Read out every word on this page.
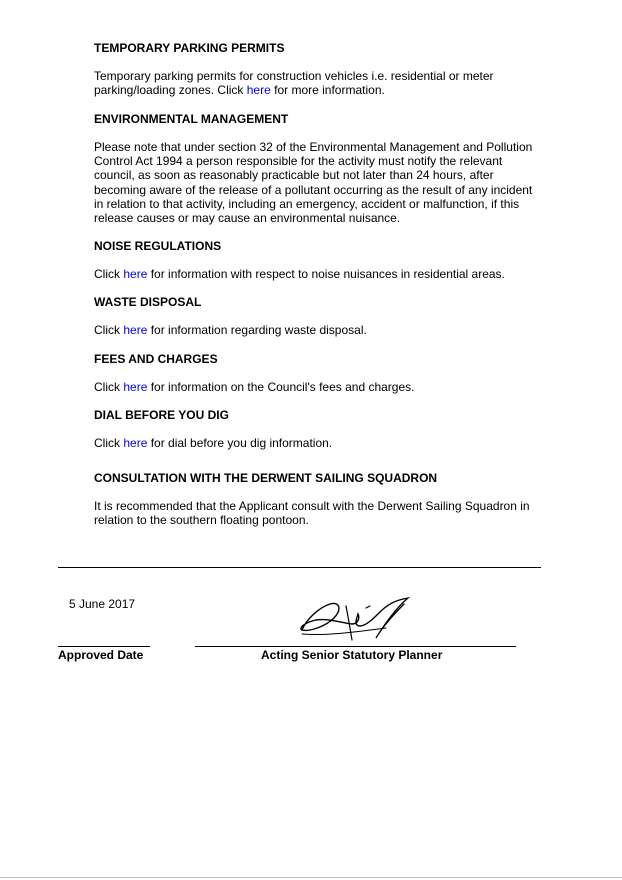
TEMPORARY PARKING PERMITS

Temporary parking permits for construction vehicles i.e. residential or meter parking/loading zones. Click here for more information.

ENVIRONMENTAL MANAGEMENT

Please note that under section 32 of the Environmental Management and Pollution Control Act 1994 a person responsible for the activity must notify the relevant council, as soon as reasonably practicable but not later than 24 hours, after becoming aware of the release of a pollutant occurring as the result of any incident in relation to that activity, including an emergency, accident or malfunction, if this release causes or may cause an environmental nuisance.

NOISE REGULATIONS

Click here for information with respect to noise nuisances in residential areas.

WASTE DISPOSAL

Click here for information regarding waste disposal.

FEES AND CHARGES

Click here for information on the Council's fees and charges.

DIAL BEFORE YOU DIG

Click here for dial before you dig information.

CONSULTATION WITH THE DERWENT SAILING SQUADRON

It is recommended that the Applicant consult with the Derwent Sailing Squadron in relation to the southern floating pontoon.

5 June 2017
Approved Date	Acting Senior Statutory Planner
